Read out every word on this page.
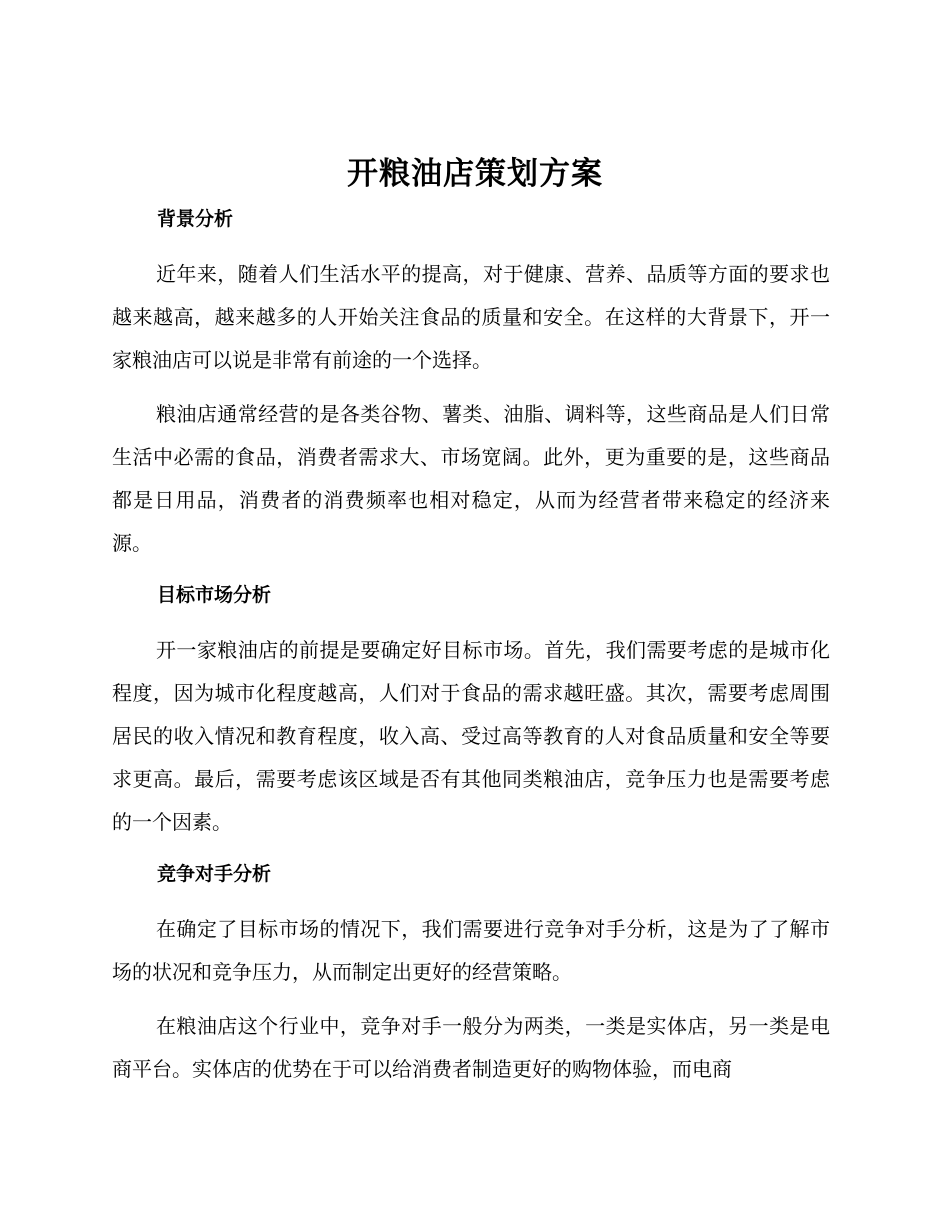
开粮油店策划方案
背景分析
近年来，随着人们生活水平的提高，对于健康、营养、品质等方面的要求也越来越高，越来越多的人开始关注食品的质量和安全。在这样的大背景下，开一家粮油店可以说是非常有前途的一个选择。
粮油店通常经营的是各类谷物、薯类、油脂、调料等，这些商品是人们日常生活中必需的食品，消费者需求大、市场宽阔。此外，更为重要的是，这些商品都是日用品，消费者的消费频率也相对稳定，从而为经营者带来稳定的经济来源。
目标市场分析
开一家粮油店的前提是要确定好目标市场。首先，我们需要考虑的是城市化程度，因为城市化程度越高，人们对于食品的需求越旺盛。其次，需要考虑周围居民的收入情况和教育程度，收入高、受过高等教育的人对食品质量和安全等要求更高。最后，需要考虑该区域是否有其他同类粮油店，竞争压力也是需要考虑的一个因素。
竞争对手分析
在确定了目标市场的情况下，我们需要进行竞争对手分析，这是为了了解市场的状况和竞争压力，从而制定出更好的经营策略。
在粮油店这个行业中，竞争对手一般分为两类，一类是实体店，另一类是电商平台。实体店的优势在于可以给消费者制造更好的购物体验，而电商
